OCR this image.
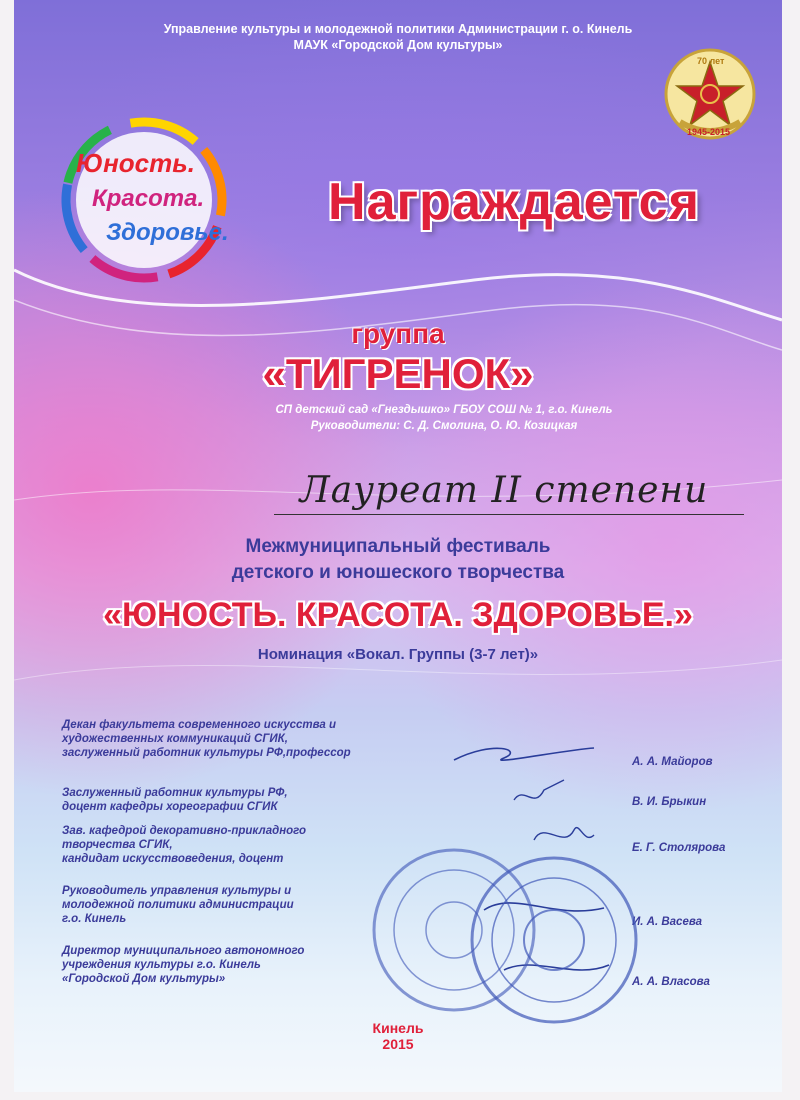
Управление культуры и молодежной политики Администрации г. о. Кинель
МАУК «Городской Дом культуры»
Юность.
Красота.
Здоровье.
70 лет
1945-2015
Награждается
группа
«ТИГРЕНОК»
СП детский сад «Гнездышко» ГБОУ СОШ № 1, г.о. Кинель
Руководители: С. Д. Смолина, О. Ю. Козицкая
Лауреат II степени
Межмуниципальный фестиваль
детского и юношеского творчества
«ЮНОСТЬ. КРАСОТА. ЗДОРОВЬЕ.»
Номинация «Вокал. Группы (3-7 лет)»
Декан факультета современного искусства и
художественных коммуникаций СГИК,
заслуженный работник культуры РФ,профессор
А. А. Майоров
Заслуженный работник культуры РФ,
доцент кафедры хореографии СГИК	В. И. Брыкин
Зав. кафедрой декоративно-прикладного
творчества СГИК,
кандидат искусствоведения, доцент
Е. Г. Столярова
Руководитель управления культуры и
молодежной политики администрации
г.о. Кинель	И. А. Васева
Директор муниципального автономного
учреждения культуры г.о. Кинель
«Городской Дом культуры»	А. А. Власова
Кинель
2015
